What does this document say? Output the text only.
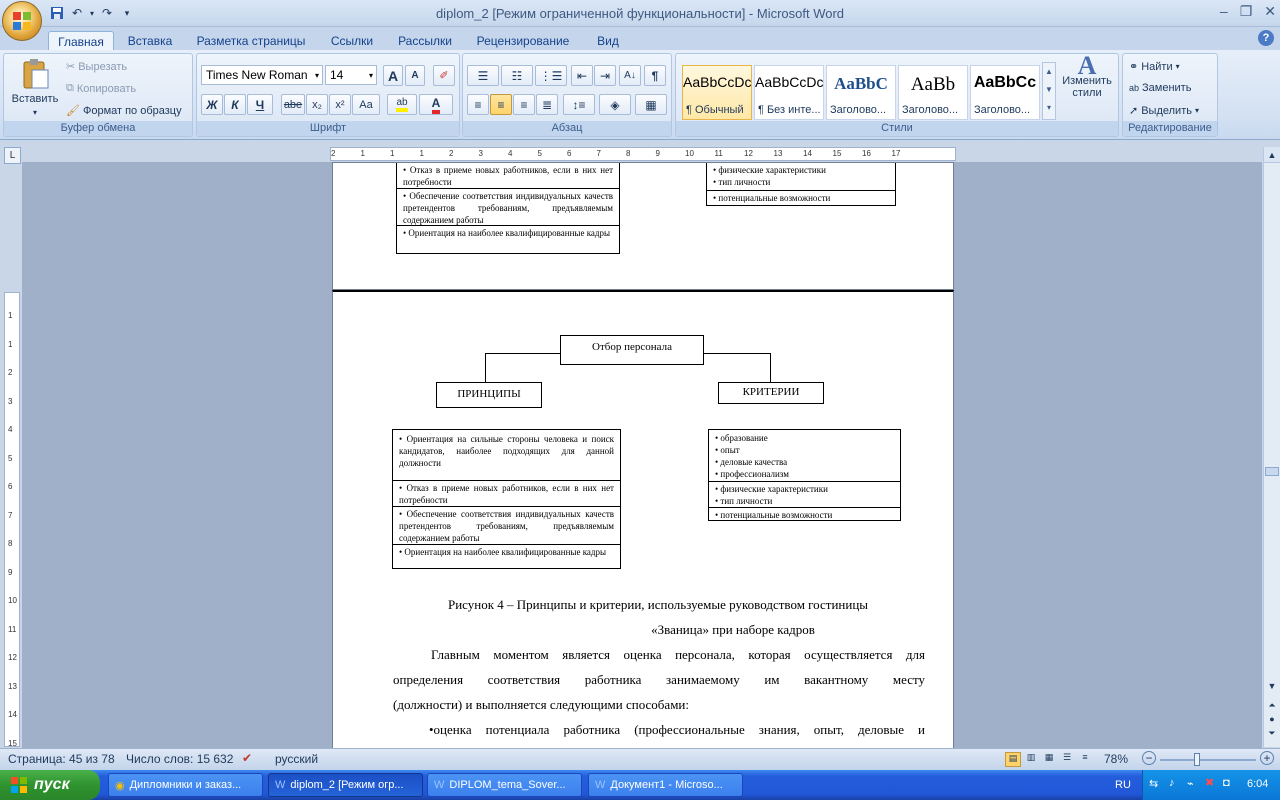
↶ ▾ ↷	▾	diplom_2 [Режим ограниченной функциональности] - Microsoft Word	– ❐ ✕
Главная	Вставка	Разметка страницы	Ссылки	Рассылки	Рецензирование	Вид	?
Вставить
▾
✂ Вырезать
⧉ Копировать
🖌 Формат по образцу
Буфер обмена
Times New Roman ▾ 14	▾	A	A	✐
Ж	К	Ч	abe x₂	x²	Аа	ab A
Шрифт
☰ ☷ ⋮☰ ⇤ ⇥ A↓ ¶
≡ ≡ ≡ ≣ ↕≡ ◈ ▦
Абзац
AaBbCcDc
¶ Обычный
AaBbCcDc
¶ Без инте...
AaBbC
Заголово...
AaBb
Заголово...
AaBbCc
Заголово...
▲
▼
▾
A
Изменить стили
Стили
⚭ Найти ▾
ab Заменить
➚ Выделить ▾
Редактирование
L	2	1	1	1	2	3	4	5	6	7	8	9	10	11	12	13	14	15	16	17
1
1
2
3
4
5
6
7
8
9
10
11
12
13
14
15
• Отказ в приеме новых работников, если в них нет потребности
• Обеспечение соответствия индивидуальных качеств претендентов требованиям, предъявляемым содержанием работы
• Ориентация на наиболее квалифицированные кадры
• физические характеристики
• тип личности
• потенциальные возможности
Отбор персонала
ПРИНЦИПЫ	КРИТЕРИИ
• Ориентация на сильные стороны человека и поиск кандидатов, наиболее подходящих для данной должности
• Отказ в приеме новых работников, если в них нет потребности
• Обеспечение соответствия индивидуальных качеств претендентов требованиям, предъявляемым содержанием работы
• Ориентация на наиболее квалифицированные кадры
• образование
• опыт
• деловые качества
• профессионализм
• физические характеристики
• тип личности
• потенциальные возможности
Рисунок 4 – Принципы и критерии, используемые руководством гостиницы
«Званица» при наборе кадров
Главным моментом является оценка персонала, которая осуществляется для
определения соответствия работника занимаемому им вакантному месту
(должности) и выполняется следующими способами:
•оценка потенциала работника (профессиональные знания, опыт, деловые и
▲
▼
⏶
●
⏷
Страница: 45 из 78 Число слов: 15 632 ✔ русский	▤	▥	▦	☰	≡	78% −	+
пуск	◉ Дипломники и заказ...	W diplom_2 [Режим огр...	W DIPLOM_tema_Sover...	W Документ1 - Microso...	RU ⇆ ♪ ⌁ ✖ ◘ 6:04
